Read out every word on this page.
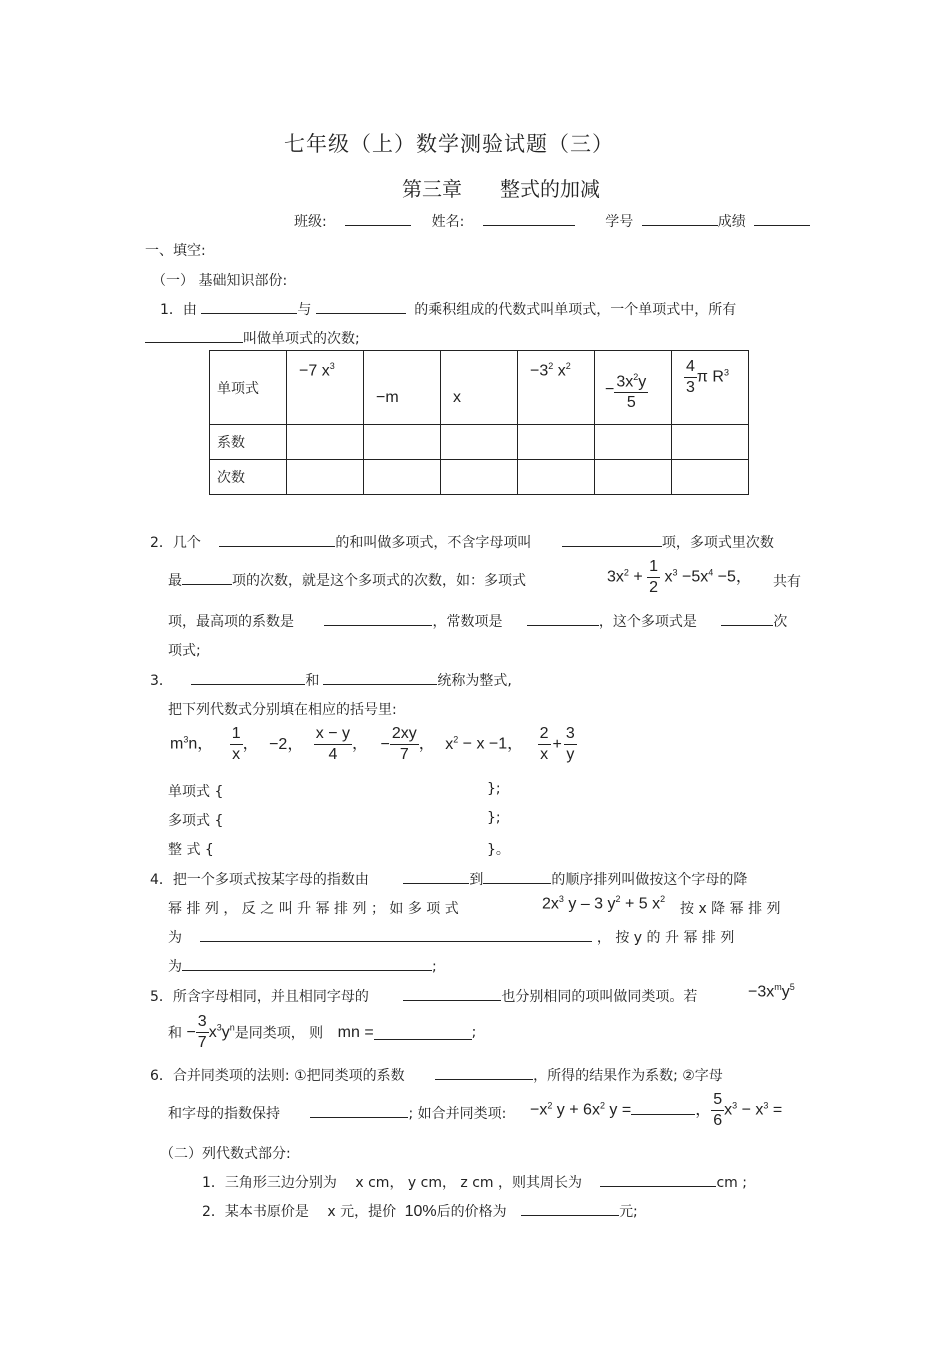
七年级（上）数学测验试题（三）
第三章 整式的加减
班级:	姓名:	学号	成绩
一、填空:
（一） 基础知识部份:
1．由	与	的乘积组成的代数式叫单项式，一个单项式中，所有
叫做单项式的次数;
单项式	−7 $x^3$	−m	x	$-3^2$ $x^2$	− $\frac{3x^2y}{5}$	$\frac{4}{3}$ π $R^3$

系数						
次数						
2．几个	的和叫做多项式，不含字母项叫	项，多项式里次数
最	项的次数，就是这个多项式的次数，如：多项式	$3x^2 + \frac{1}{2} x^3 -5x^4 -5$， 共有
项，最高项的系数是	，常数项是	，这个多项式是	次
项式;
3．	和	统称为整式,
把下列代数式分别填在相应的括号里:
$m^3n$， $\frac{1}{x}$ ， −2， $\frac{x - y}{4}$ ， − $\frac{2xy}{7}$ ， $x^2 - x -1$， $\frac{2}{x} + \frac{3}{y}$
单项式 {	};
多项式 {	};
整 式 {	}。
4．把一个多项式按某字母的指数由	到	的顺序排列叫做按这个字母的降
幂 排 列 ， 反 之 叫 升 幂 排 列 ； 如 多 项 式	$2x^3$ y – 3 $y^2 + 5$ $x^2$
按 x 降 幂 排 列
为	， 按 y 的 升 幂 排 列
为	;
5．所含字母相同，并且相同字母的	也分别相同的项叫做同类项。若	$-3x^my^5$
和 − $\frac{3}{7} x^3y^n$是同类项， 则 mn =	;
6．合并同类项的法则: ①把同类项的系数	，所得的结果作为系数; ②字母
和字母的指数保持	; 如合并同类项: $-x^2$ $y + 6x^2$ y =	， $\frac{5}{6} x^3 - x^3$ =
（二）列代数式部分:
1．三角形三边分别为 x cm， y cm， z cm ，则其周长为	cm ;
2．某本书原价是 x 元，提价 10%后的价格为	元;
